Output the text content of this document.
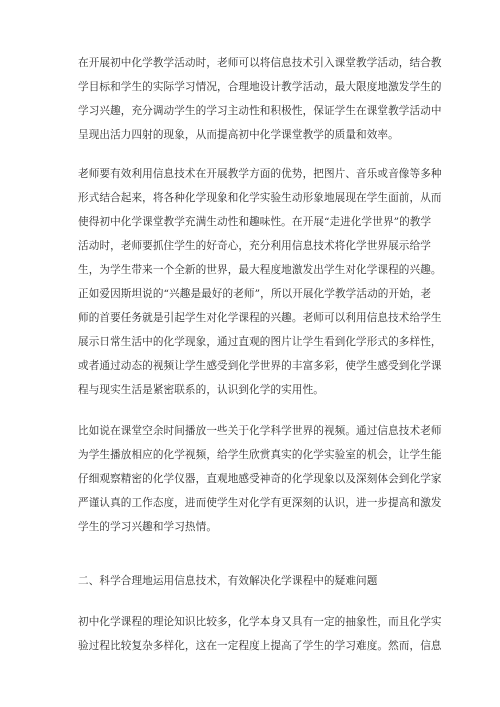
在开展初中化学教学活动时，老师可以将信息技术引入课堂教学活动，结合教
学目标和学生的实际学习情况，合理地设计教学活动，最大限度地激发学生的
学习兴趣，充分调动学生的学习主动性和积极性，保证学生在课堂教学活动中
呈现出活力四射的现象，从而提高初中化学课堂教学的质量和效率。
老师要有效利用信息技术在开展教学方面的优势，把图片、音乐或音像等多种
形式结合起来，将各种化学现象和化学实验生动形象地展现在学生面前，从而
使得初中化学课堂教学充满生动性和趣味性。在开展“走进化学世界”的教学
活动时，老师要抓住学生的好奇心，充分利用信息技术将化学世界展示给学
生，为学生带来一个全新的世界，最大程度地激发出学生对化学课程的兴趣。
正如爱因斯坦说的“兴趣是最好的老师”，所以开展化学教学活动的开始，老
师的首要任务就是引起学生对化学课程的兴趣。老师可以利用信息技术给学生
展示日常生活中的化学现象，通过直观的图片让学生看到化学形式的多样性，
或者通过动态的视频让学生感受到化学世界的丰富多彩，使学生感受到化学课
程与现实生活是紧密联系的，认识到化学的实用性。
比如说在课堂空余时间播放一些关于化学科学世界的视频。通过信息技术老师
为学生播放相应的化学视频，给学生欣赏真实的化学实验室的机会，让学生能
仔细观察精密的化学仪器，直观地感受神奇的化学现象以及深刻体会到化学家
严谨认真的工作态度，进而使学生对化学有更深刻的认识，进一步提高和激发
学生的学习兴趣和学习热情。
二、科学合理地运用信息技术，有效解决化学课程中的疑难问题
初中化学课程的理论知识比较多，化学本身又具有一定的抽象性，而且化学实
验过程比较复杂多样化，这在一定程度上提高了学生的学习难度。然而，信息
